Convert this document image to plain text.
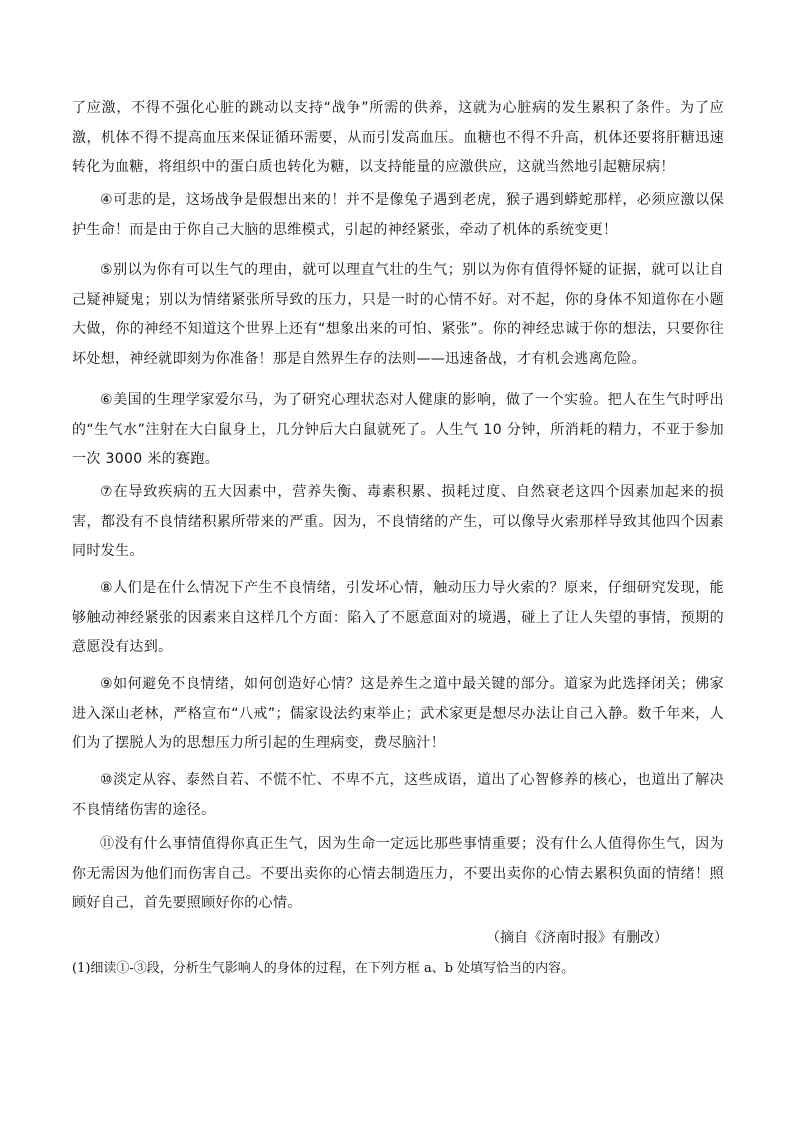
了应激，不得不强化心脏的跳动以支持“战争”所需的供养，这就为心脏病的发生累积了条件。为了应激，机体不得不提高血压来保证循环需要，从而引发高血压。血糖也不得不升高，机体还要将肝糖迅速转化为血糖，将组织中的蛋白质也转化为糖，以支持能量的应激供应，这就当然地引起糖尿病！

④可悲的是，这场战争是假想出来的！并不是像兔子遇到老虎，猴子遇到蟒蛇那样，必须应激以保护生命！而是由于你自己大脑的思维模式，引起的神经紧张，牵动了机体的系统变更！

⑤别以为你有可以生气的理由，就可以理直气壮的生气；别以为你有值得怀疑的证据，就可以让自己疑神疑鬼；别以为情绪紧张所导致的压力，只是一时的心情不好。对不起，你的身体不知道你在小题大做，你的神经不知道这个世界上还有“想象出来的可怕、紧张”。你的神经忠诚于你的想法，只要你往坏处想，神经就即刻为你准备！那是自然界生存的法则——迅速备战，才有机会逃离危险。

⑥美国的生理学家爱尔马，为了研究心理状态对人健康的影响，做了一个实验。把人在生气时呼出的“生气水”注射在大白鼠身上，几分钟后大白鼠就死了。人生气 10 分钟，所消耗的精力，不亚于参加一次 3000 米的赛跑。

⑦在导致疾病的五大因素中，营养失衡、毒素积累、损耗过度、自然衰老这四个因素加起来的损害，都没有不良情绪积累所带来的严重。因为，不良情绪的产生，可以像导火索那样导致其他四个因素同时发生。

⑧人们是在什么情况下产生不良情绪，引发坏心情，触动压力导火索的？原来，仔细研究发现，能够触动神经紧张的因素来自这样几个方面：陷入了不愿意面对的境遇，碰上了让人失望的事情，预期的意愿没有达到。

⑨如何避免不良情绪，如何创造好心情？这是养生之道中最关键的部分。道家为此选择闭关；佛家进入深山老林，严格宣布“八戒”；儒家设法约束举止；武术家更是想尽办法让自己入静。数千年来，人们为了摆脱人为的思想压力所引起的生理病变，费尽脑汁！

⑩淡定从容、泰然自若、不慌不忙、不卑不亢，这些成语，道出了心智修养的核心，也道出了解决不良情绪伤害的途径。

⑪没有什么事情值得你真正生气，因为生命一定远比那些事情重要；没有什么人值得你生气，因为你无需因为他们而伤害自己。不要出卖你的心情去制造压力，不要出卖你的心情去累积负面的情绪！照顾好自己，首先要照顾好你的心情。

（摘自《济南时报》有删改）

(1)细读①-③段，分析生气影响人的身体的过程，在下列方框 a、b 处填写恰当的内容。
